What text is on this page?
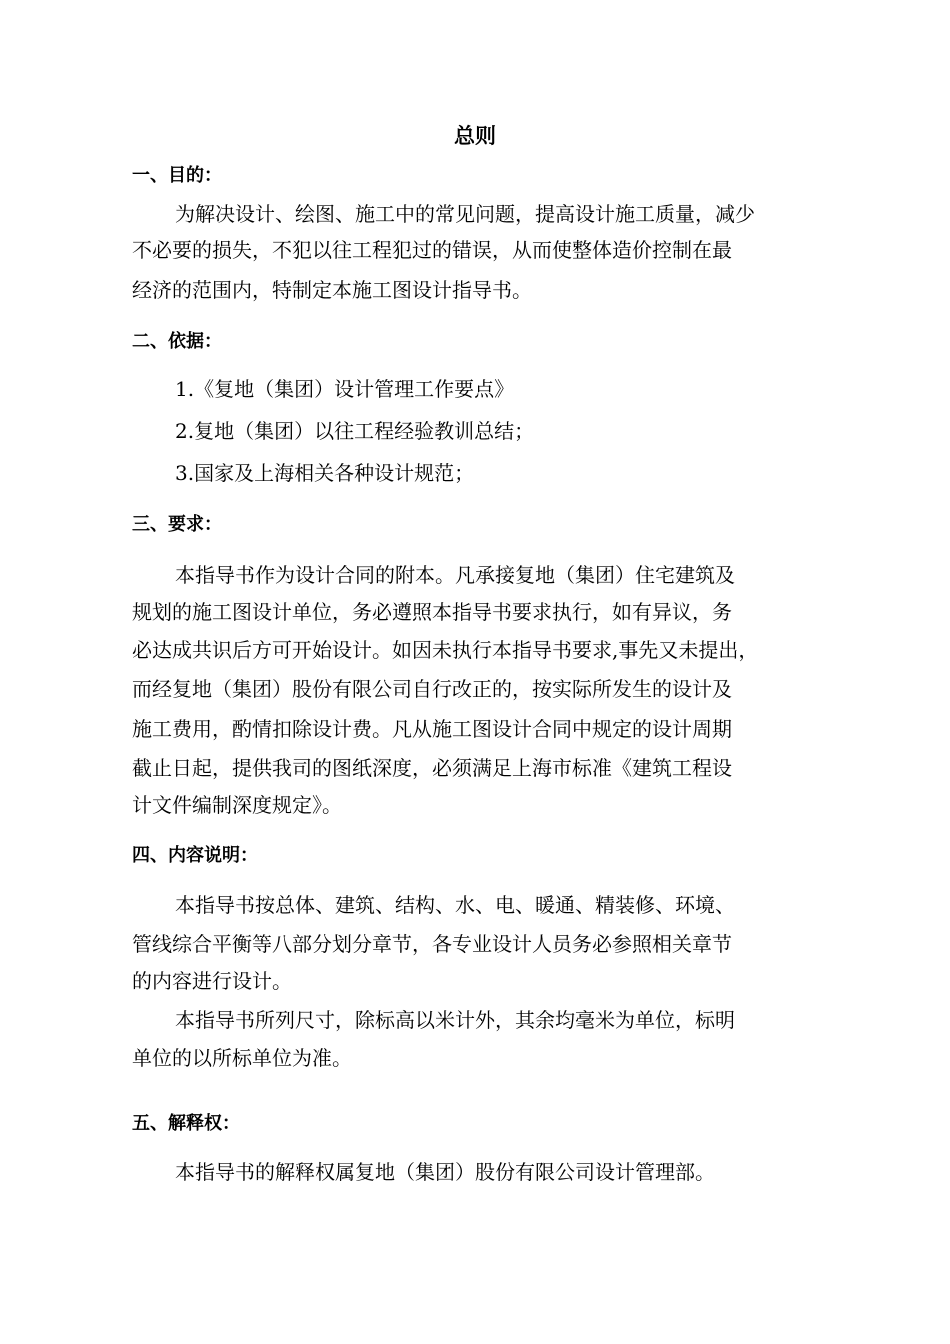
总则
一、目的：
为解决设计、绘图、施工中的常见问题，提高设计施工质量，减少
不必要的损失，不犯以往工程犯过的错误，从而使整体造价控制在最
经济的范围内，特制定本施工图设计指导书。
二、依据：
1.《复地（集团）设计管理工作要点》
2.复地（集团）以往工程经验教训总结；
3.国家及上海相关各种设计规范；
三、要求：
本指导书作为设计合同的附本。凡承接复地（集团）住宅建筑及
规划的施工图设计单位，务必遵照本指导书要求执行，如有异议，务
必达成共识后方可开始设计。如因未执行本指导书要求,事先又未提出，
而经复地（集团）股份有限公司自行改正的，按实际所发生的设计及
施工费用，酌情扣除设计费。凡从施工图设计合同中规定的设计周期
截止日起，提供我司的图纸深度，必须满足上海市标准《建筑工程设
计文件编制深度规定》。
四、内容说明：
本指导书按总体、建筑、结构、水、电、暖通、精装修、环境、
管线综合平衡等八部分划分章节，各专业设计人员务必参照相关章节
的内容进行设计。
本指导书所列尺寸，除标高以米计外，其余均毫米为单位，标明
单位的以所标单位为准。
五、解释权：
本指导书的解释权属复地（集团）股份有限公司设计管理部。
